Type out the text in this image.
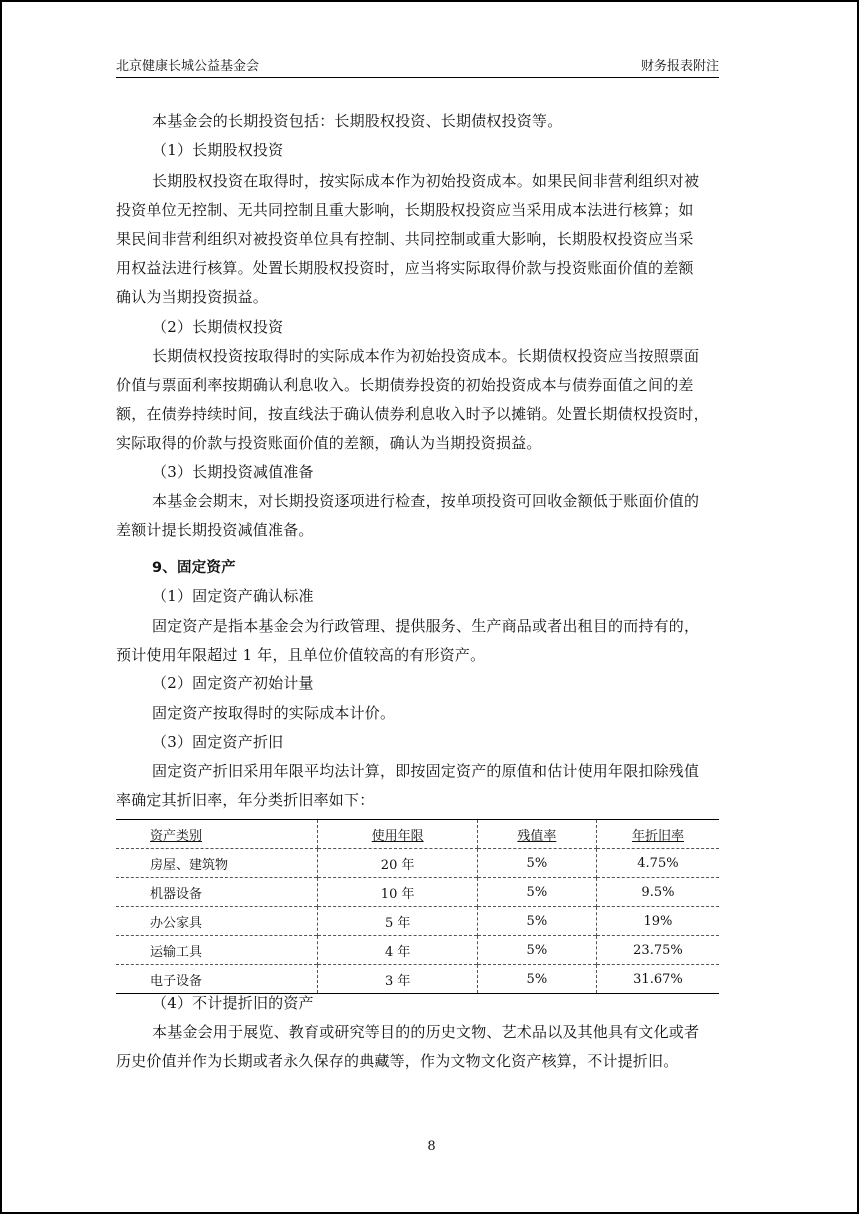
北京健康长城公益基金会	财务报表附注
本基金会的长期投资包括：长期股权投资、长期债权投资等。
（1）长期股权投资
长期股权投资在取得时，按实际成本作为初始投资成本。如果民间非营利组织对被
投资单位无控制、无共同控制且重大影响，长期股权投资应当采用成本法进行核算；如
果民间非营利组织对被投资单位具有控制、共同控制或重大影响，长期股权投资应当采
用权益法进行核算。处置长期股权投资时，应当将实际取得价款与投资账面价值的差额
确认为当期投资损益。
（2）长期债权投资
长期债权投资按取得时的实际成本作为初始投资成本。长期债权投资应当按照票面
价值与票面利率按期确认利息收入。长期债券投资的初始投资成本与债券面值之间的差
额，在债券持续时间，按直线法于确认债券利息收入时予以摊销。处置长期债权投资时，
实际取得的价款与投资账面价值的差额，确认为当期投资损益。
（3）长期投资减值准备
本基金会期末，对长期投资逐项进行检查，按单项投资可回收金额低于账面价值的
差额计提长期投资减值准备。
9、固定资产
（1）固定资产确认标准
固定资产是指本基金会为行政管理、提供服务、生产商品或者出租目的而持有的，
预计使用年限超过 1 年，且单位价值较高的有形资产。
（2）固定资产初始计量
固定资产按取得时的实际成本计价。
（3）固定资产折旧
固定资产折旧采用年限平均法计算，即按固定资产的原值和估计使用年限扣除残值
率确定其折旧率，年分类折旧率如下：
资产类别	使用年限	残值率	年折旧率
房屋、建筑物	20 年	5%	4.75%
机器设备	10 年	5%	9.5%
办公家具	5 年	5%	19%
运输工具	4 年	5%	23.75%
电子设备	3 年	5%	31.67%
（4）不计提折旧的资产
本基金会用于展览、教育或研究等目的的历史文物、艺术品以及其他具有文化或者
历史价值并作为长期或者永久保存的典藏等，作为文物文化资产核算，不计提折旧。
8
